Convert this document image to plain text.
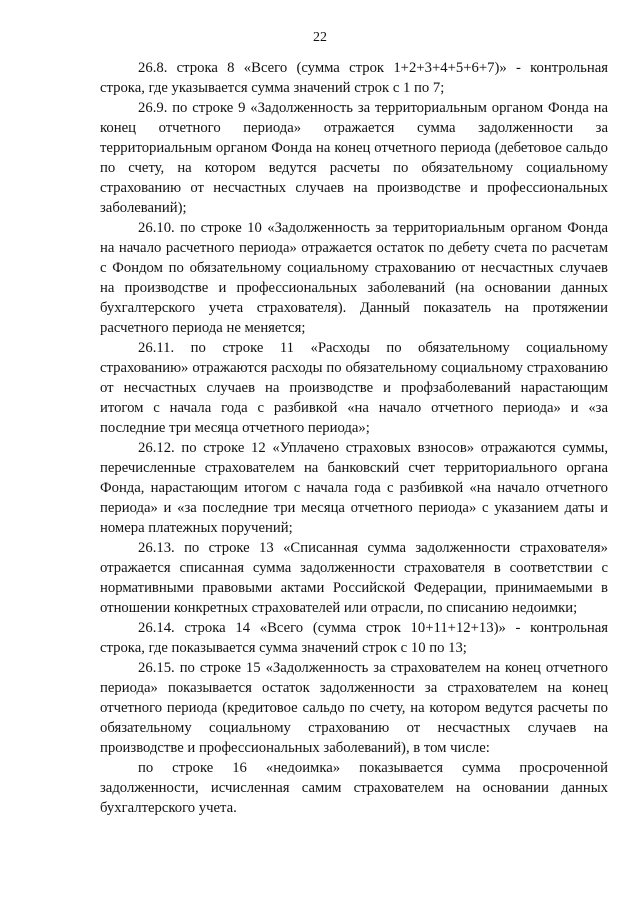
22

26.8. строка 8 «Всего (сумма строк 1+2+3+4+5+6+7)» - контрольная строка, где указывается сумма значений строк с 1 по 7;

26.9. по строке 9 «Задолженность за территориальным органом Фонда на конец отчетного периода» отражается сумма задолженности за территориальным органом Фонда на конец отчетного периода (дебетовое сальдо по счету, на котором ведутся расчеты по обязательному социальному страхованию от несчастных случаев на производстве и профессиональных заболеваний);

26.10. по строке 10 «Задолженность за территориальным органом Фонда на начало расчетного периода» отражается остаток по дебету счета по расчетам с Фондом по обязательному социальному страхованию от несчастных случаев на производстве и профессиональных заболеваний (на основании данных бухгалтерского учета страхователя). Данный показатель на протяжении расчетного периода не меняется;

26.11. по строке 11 «Расходы по обязательному социальному страхованию» отражаются расходы по обязательному социальному страхованию от несчастных случаев на производстве и профзаболеваний нарастающим итогом с начала года с разбивкой «на начало отчетного периода» и «за последние три месяца отчетного периода»;

26.12. по строке 12 «Уплачено страховых взносов» отражаются суммы, перечисленные страхователем на банковский счет территориального органа Фонда, нарастающим итогом с начала года с разбивкой «на начало отчетного периода» и «за последние три месяца отчетного периода» с указанием даты и номера платежных поручений;

26.13. по строке 13 «Списанная сумма задолженности страхователя» отражается списанная сумма задолженности страхователя в соответствии с нормативными правовыми актами Российской Федерации, принимаемыми в отношении конкретных страхователей или отрасли, по списанию недоимки;

26.14. строка 14 «Всего (сумма строк 10+11+12+13)» - контрольная строка, где показывается сумма значений строк с 10 по 13;

26.15. по строке 15 «Задолженность за страхователем на конец отчетного периода» показывается остаток задолженности за страхователем на конец отчетного периода (кредитовое сальдо по счету, на котором ведутся расчеты по обязательному социальному страхованию от несчастных случаев на производстве и профессиональных заболеваний), в том числе:

по строке 16 «недоимка» показывается сумма просроченной задолженности, исчисленная самим страхователем на основании данных бухгалтерского учета.
